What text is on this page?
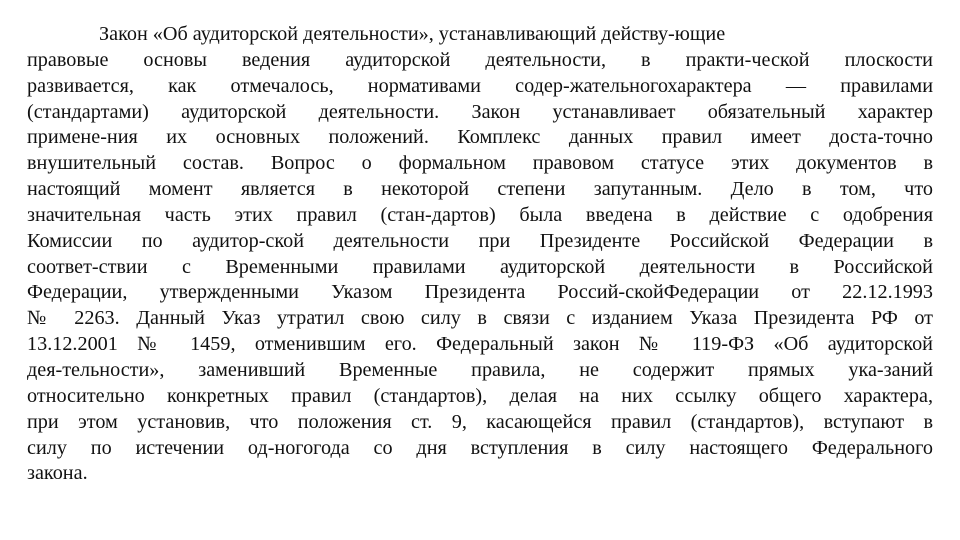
Закон «Об аудиторской деятельности», устанавливающий действу-ющие
правовые основы ведения аудиторской деятельности, в практи-ческой плоскости
развивается, как отмечалось, нормативами содер-жательногохарактера — правилами
(стандартами) аудиторской деятельности. Закон устанавливает обязательный характер
примене-ния их основных положений. Комплекс данных правил имеет доста-точно
внушительный состав. Вопрос о формальном правовом статусе этих документов в
настоящий момент является в некоторой степени запутанным. Дело в том, что
значительная часть этих правил (стан-дартов) была введена в действие с одобрения
Комиссии по аудитор-ской деятельности при Президенте Российской Федерации в
соответ-ствии с Временными правилами аудиторской деятельности в Российской
Федерации, утвержденными Указом Президента Россий-скойФедерации от 22.12.1993
№ 2263. Данный Указ утратил свою силу в связи с изданием Указа Президента РФ от
13.12.2001 № 1459, отменившим его. Федеральный закон № 119-ФЗ «Об аудиторской
дея-тельности», заменивший Временные правила, не содержит прямых ука-заний
относительно конкретных правил (стандартов), делая на них ссылку общего характера,
при этом установив, что положения ст. 9, касающейся правил (стандартов), вступают в
силу по истечении од-ногогода со дня вступления в силу настоящего Федерального
закона.
